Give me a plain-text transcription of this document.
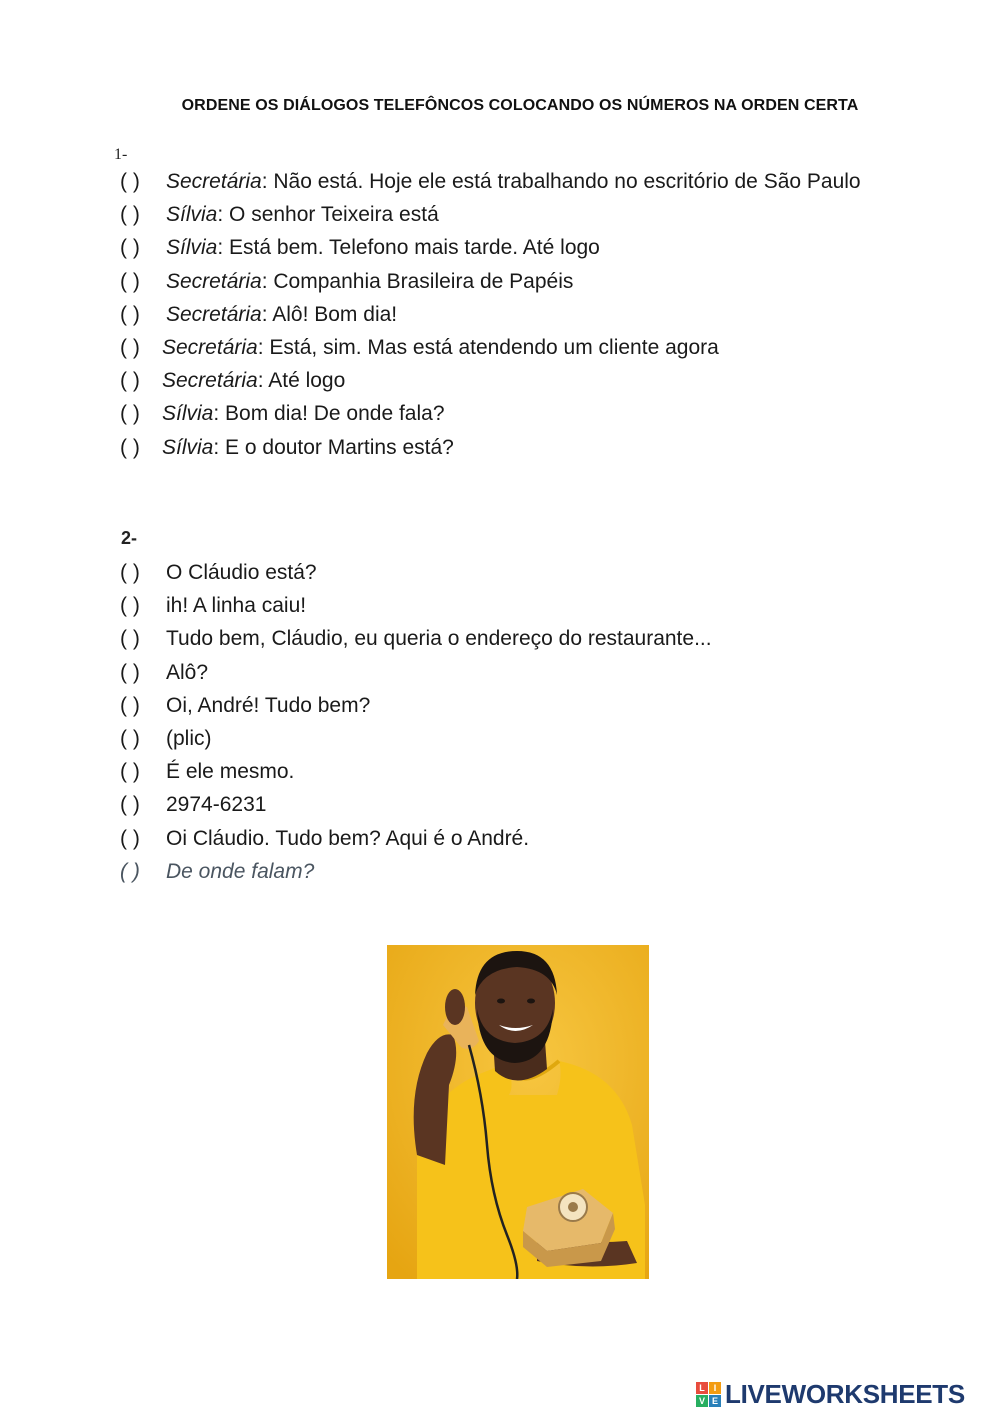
ORDENE OS DIÁLOGOS TELEFÔNCOS COLOCANDO OS NÚMEROS NA ORDEN CERTA
1-
( ) Secretária: Não está. Hoje ele está trabalhando no escritório de São Paulo
( ) Sílvia: O senhor Teixeira está
( ) Sílvia: Está bem. Telefono mais tarde. Até logo
( ) Secretária: Companhia Brasileira de Papéis
( ) Secretária: Alô! Bom dia!
( ) Secretária: Está, sim. Mas está atendendo um cliente agora
( ) Secretária: Até logo
( ) Sílvia: Bom dia! De onde fala?
( ) Sílvia: E o doutor Martins está?
2-
( ) O Cláudio está?
( ) ih! A linha caiu!
( ) Tudo bem, Cláudio, eu queria o endereço do restaurante...
( ) Alô?
( ) Oi, André! Tudo bem?
( ) (plic)
( ) É ele mesmo.
( ) 2974-6231
( ) Oi Cláudio. Tudo bem? Aqui é o André.
( ) De onde falam?
L I
V E LIVEWORKSHEETS
